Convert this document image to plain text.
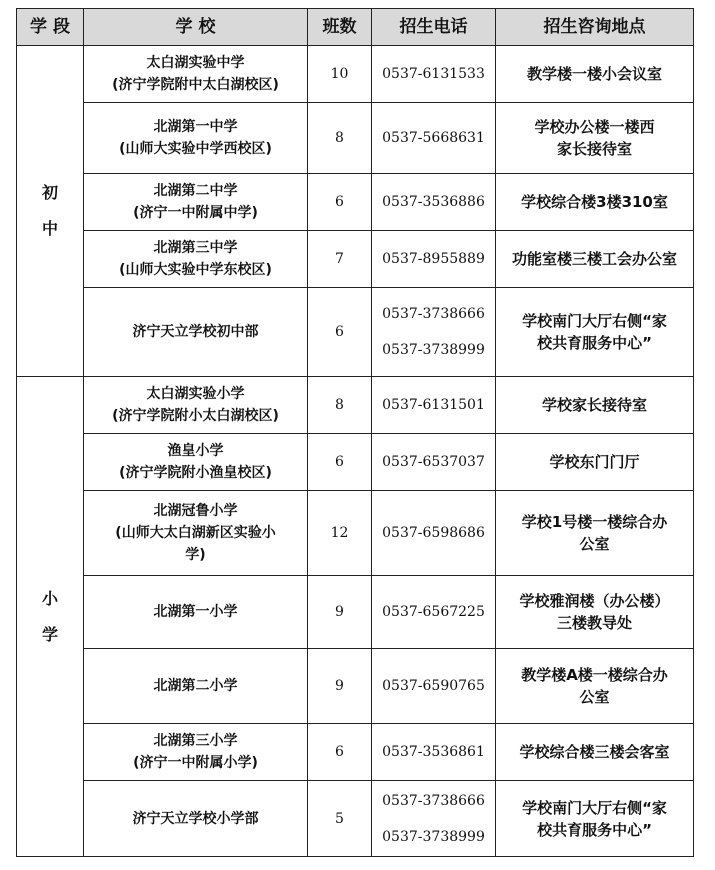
学 段	学 校	班数	招生电话	招生咨询地点

初
中	太白湖实验中学
(济宁学院附中太白湖校区)	10	0537-6131533	教学楼一楼小会议室

	北湖第一中学
(山师大实验中学西校区)	8	0537-5668631	学校办公楼一楼西
家长接待室

	北湖第二中学
(济宁一中附属中学)	6	0537-3536886	学校综合楼3楼310室

	北湖第三中学
(山师大实验中学东校区)	7	0537-8955889	功能室楼三楼工会办公室

	济宁天立学校初中部	6	0537-3738666
0537-3738999	学校南门大厅右侧“家
校共育服务中心”

小
学	太白湖实验小学
(济宁学院附小太白湖校区)	8	0537-6131501	学校家长接待室

	渔皇小学
(济宁学院附小渔皇校区)	6	0537-6537037	学校东门门厅

	北湖冠鲁小学
(山师大太白湖新区实验小
学)	12	0537-6598686	学校1号楼一楼综合办
公室

	北湖第一小学	9	0537-6567225	学校雅润楼（办公楼）
三楼教导处

	北湖第二小学	9	0537-6590765	教学楼A楼一楼综合办
公室

	北湖第三小学
(济宁一中附属小学)	6	0537-3536861	学校综合楼三楼会客室

	济宁天立学校小学部	5	0537-3738666
0537-3738999	学校南门大厅右侧“家
校共育服务中心”
